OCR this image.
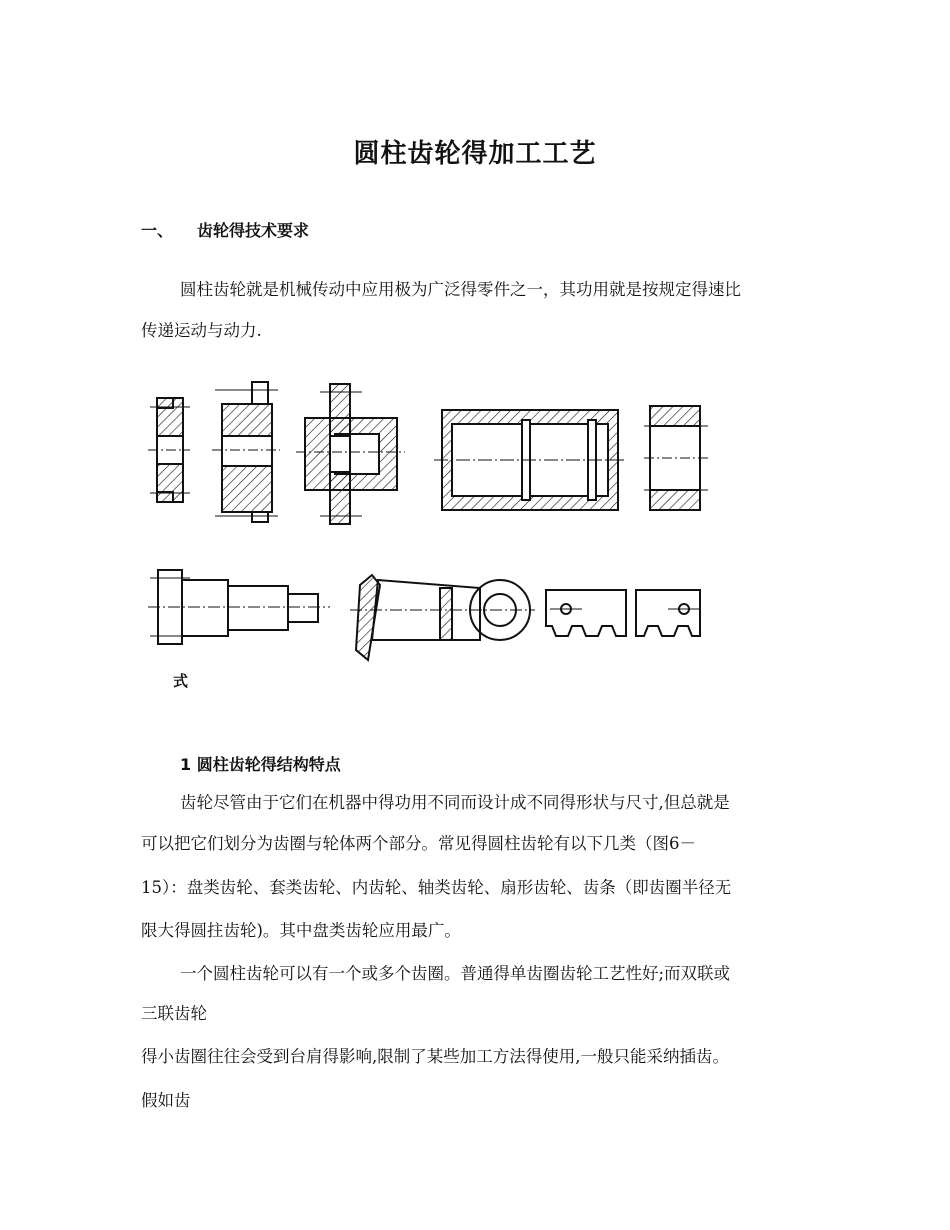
圆柱齿轮得加工工艺
一、 齿轮得技术要求
圆柱齿轮就是机械传动中应用极为广泛得零件之一，其功用就是按规定得速比
传递运动与动力.
式
1 圆柱齿轮得结构特点
齿轮尽管由于它们在机器中得功用不同而设计成不同得形状与尺寸,但总就是
可以把它们划分为齿圈与轮体两个部分。常见得圆柱齿轮有以下几类（图6－
15）：盘类齿轮、套类齿轮、内齿轮、轴类齿轮、扇形齿轮、齿条（即齿圈半径无
限大得圆拄齿轮)。其中盘类齿轮应用最广。
一个圆柱齿轮可以有一个或多个齿圈。普通得单齿圈齿轮工艺性好;而双联或
三联齿轮
得小齿圈往往会受到台肩得影响,限制了某些加工方法得使用,一般只能采纳插齿。
假如齿
